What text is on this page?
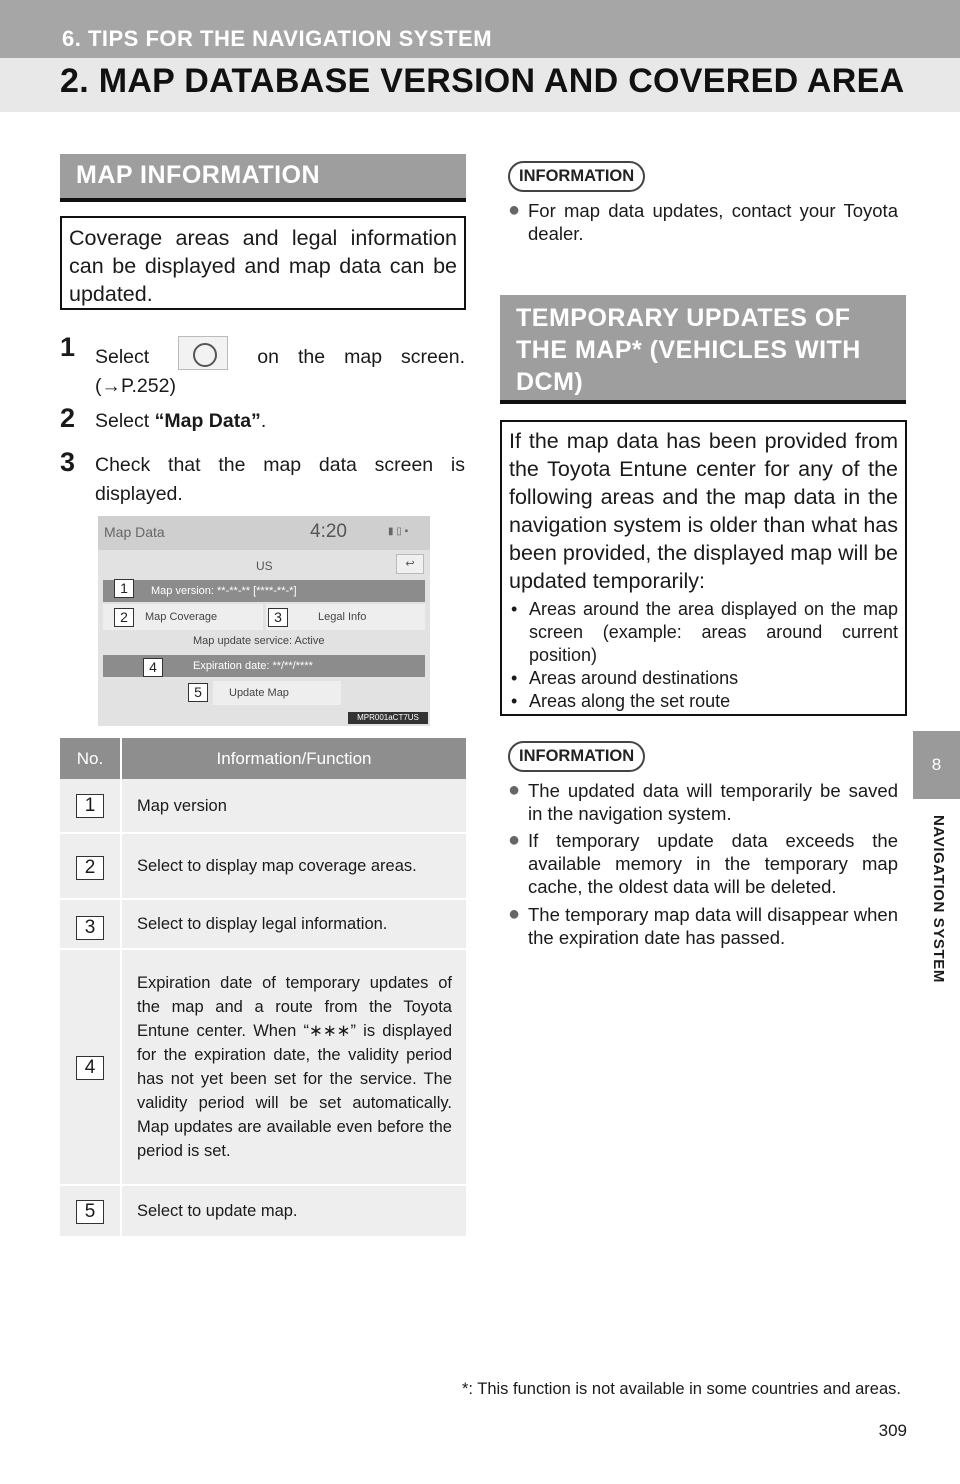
6. TIPS FOR THE NAVIGATION SYSTEM
2. MAP DATABASE VERSION AND COVERED AREA
MAP INFORMATION
Coverage areas and legal information can be displayed and map data can be updated.
1 Select	on the map screen. (→P.252)
2 Select “Map Data”.
3 Check that the map data screen is displayed.
Map Data	4:20	▮ ▯ ▪
US	↩
Map version: **-**-** [****-**-*]
Map Coverage	Legal Info
Map update service: Active
Expiration date: **/**/****
Update Map
1
2	3
4
5
MPR001aCT7US
No.	Information/Function
1	Map version
2	Select to display map coverage areas.
3	Select to display legal information.
4	Expiration date of temporary updates of the map and a route from the Toyota Entune center. When “∗∗∗” is displayed for the expiration date, the validity period has not yet been set for the service. The validity period will be set automatically. Map updates are available even before the period is set.
5	Select to update map.
INFORMATION
● For map data updates, contact your Toyota dealer.
TEMPORARY UPDATES OF THE MAP* (VEHICLES WITH DCM)
If the map data has been provided from the Toyota Entune center for any of the following areas and the map data in the navigation system is older than what has been provided, the displayed map will be updated temporarily:
• Areas around the area displayed on the map screen (example: areas around current position)
• Areas around destinations
• Areas along the set route
INFORMATION
● The updated data will temporarily be saved in the navigation system.
● If temporary update data exceeds the available memory in the temporary map cache, the oldest data will be deleted.
● The temporary map data will disappear when the expiration date has passed.
8
NAVIGATION SYSTEM
*: This function is not available in some countries and areas.
309
